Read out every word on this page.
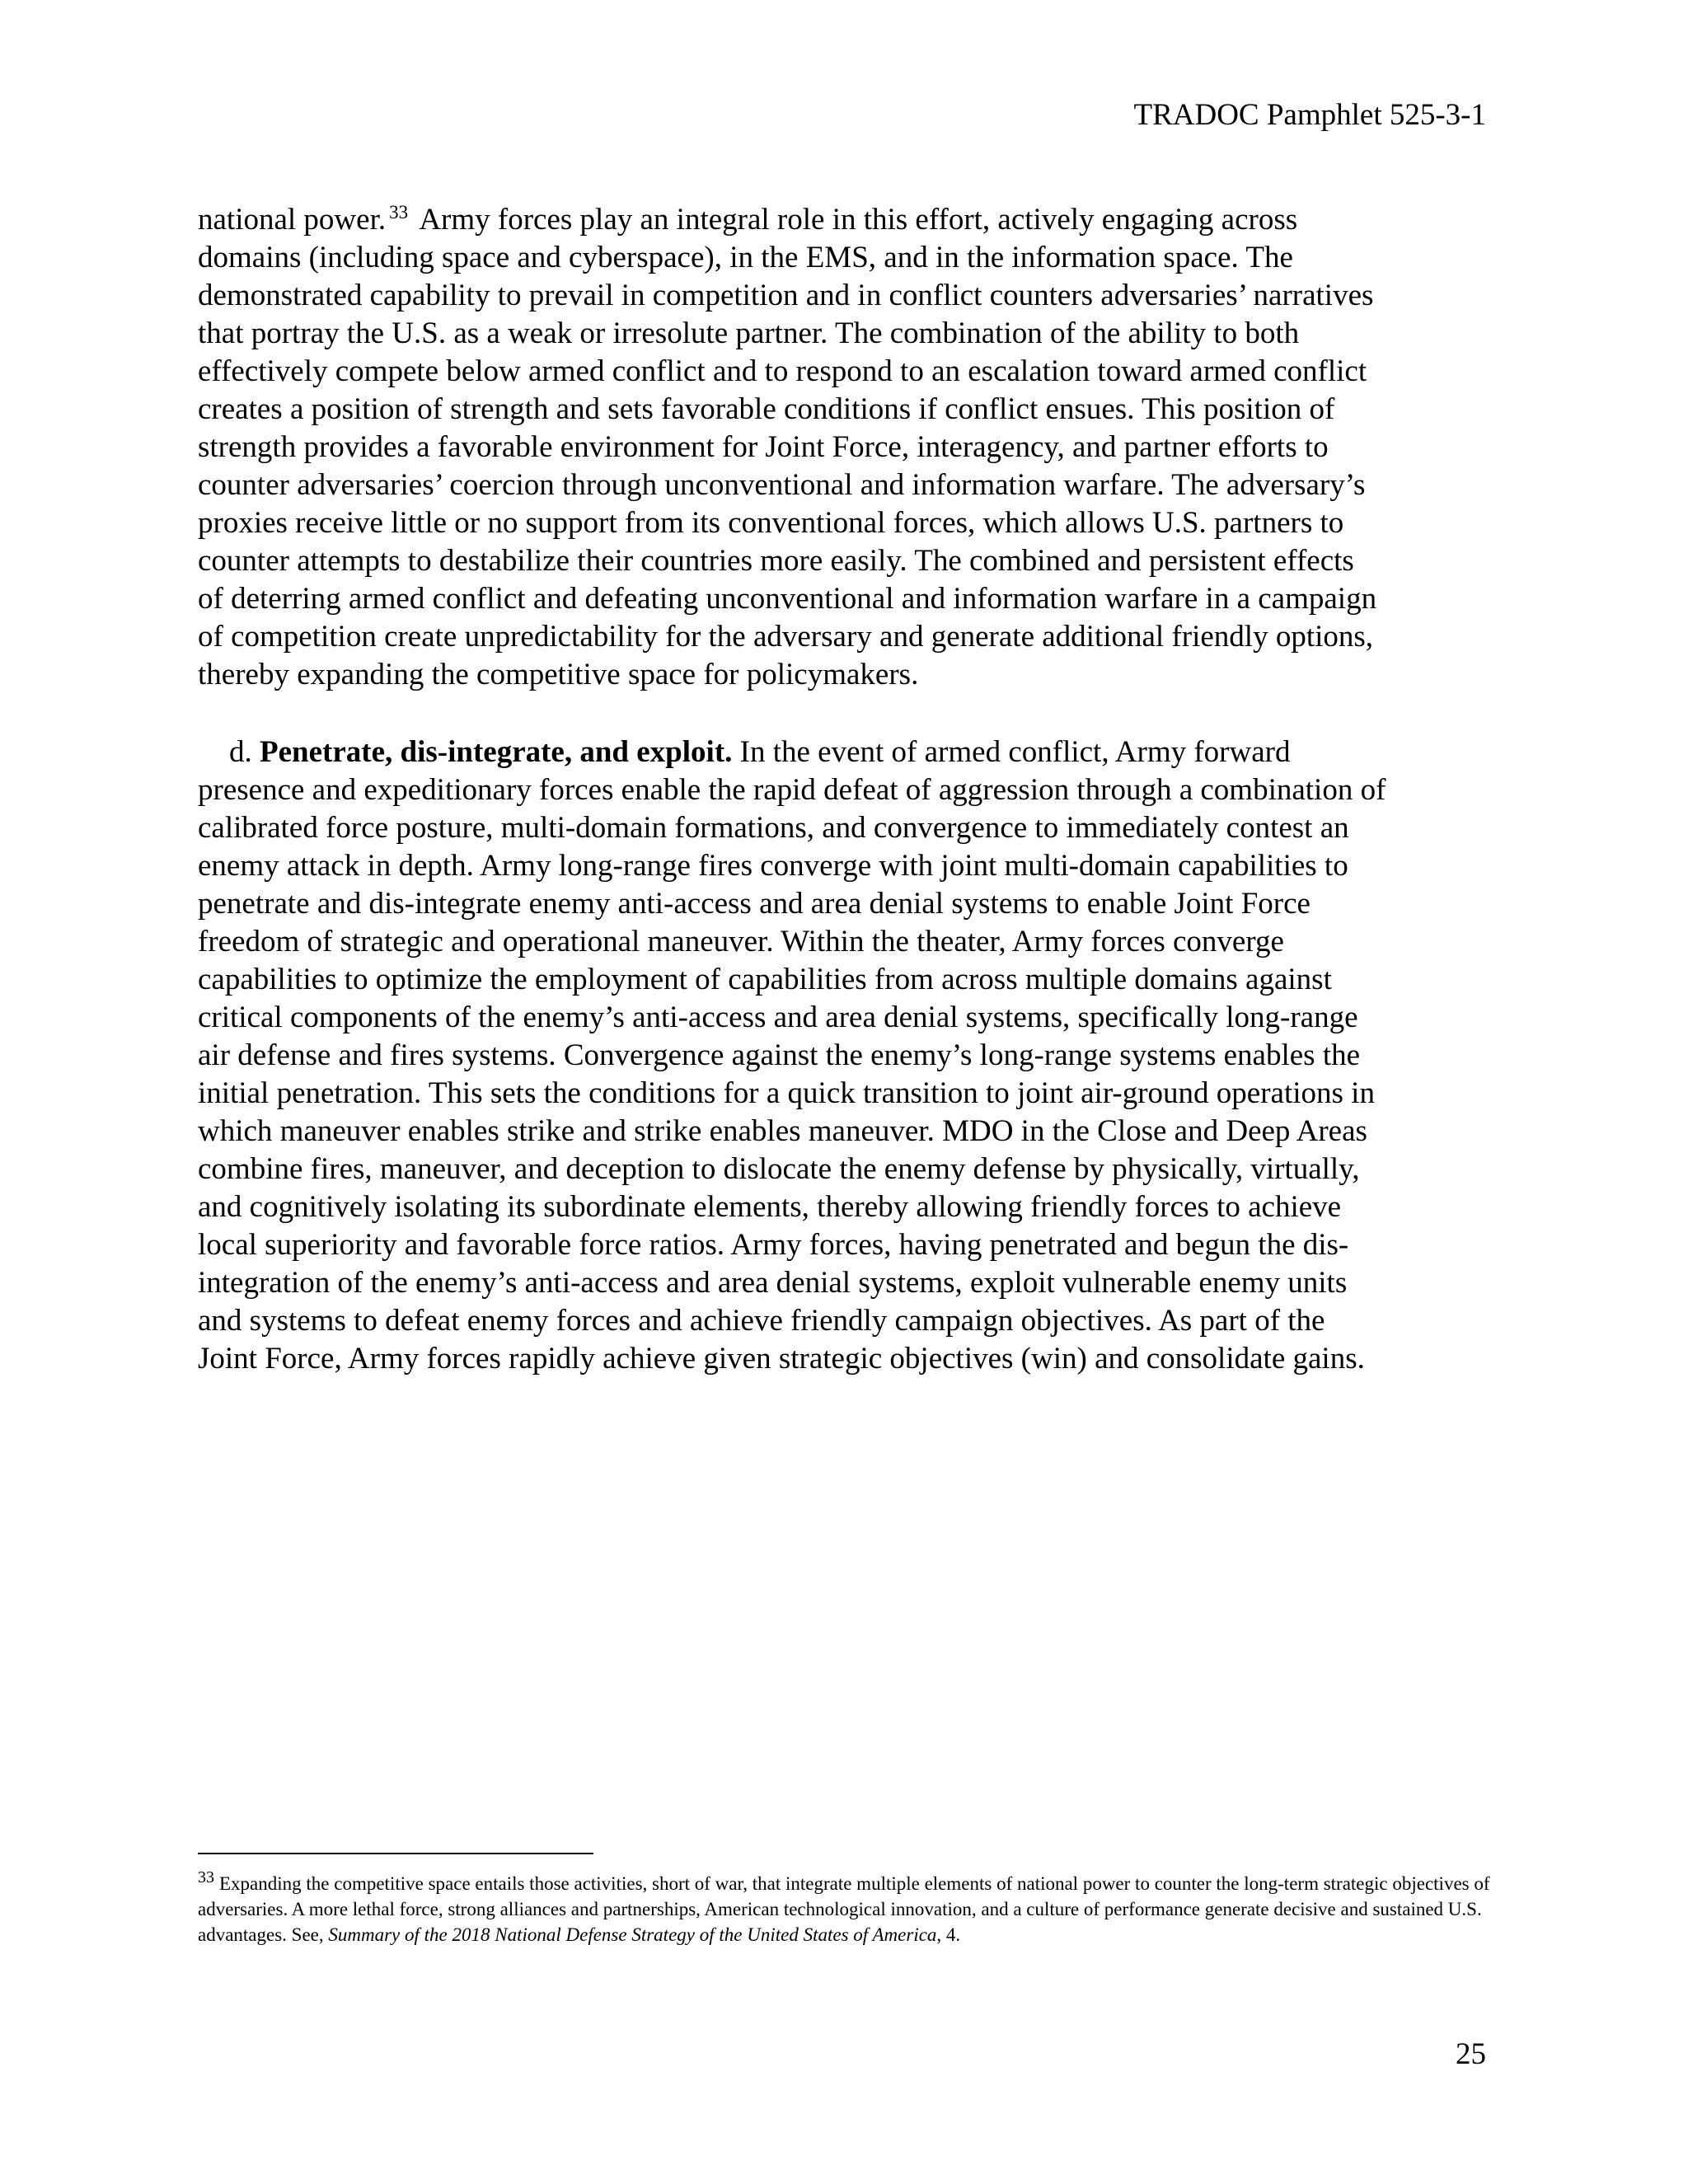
TRADOC Pamphlet 525-3-1
national power. $^{33}$ Army forces play an integral role in this effort, actively engaging across
domains (including space and cyberspace), in the EMS, and in the information space. The
demonstrated capability to prevail in competition and in conflict counters adversaries’ narratives
that portray the U.S. as a weak or irresolute partner. The combination of the ability to both
effectively compete below armed conflict and to respond to an escalation toward armed conflict
creates a position of strength and sets favorable conditions if conflict ensues. This position of
strength provides a favorable environment for Joint Force, interagency, and partner efforts to
counter adversaries’ coercion through unconventional and information warfare. The adversary’s
proxies receive little or no support from its conventional forces, which allows U.S. partners to
counter attempts to destabilize their countries more easily. The combined and persistent effects
of deterring armed conflict and defeating unconventional and information warfare in a campaign
of competition create unpredictability for the adversary and generate additional friendly options,
thereby expanding the competitive space for policymakers.
d. Penetrate, dis-integrate, and exploit. In the event of armed conflict, Army forward
presence and expeditionary forces enable the rapid defeat of aggression through a combination of
calibrated force posture, multi-domain formations, and convergence to immediately contest an
enemy attack in depth. Army long-range fires converge with joint multi-domain capabilities to
penetrate and dis-integrate enemy anti-access and area denial systems to enable Joint Force
freedom of strategic and operational maneuver. Within the theater, Army forces converge
capabilities to optimize the employment of capabilities from across multiple domains against
critical components of the enemy’s anti-access and area denial systems, specifically long-range
air defense and fires systems. Convergence against the enemy’s long-range systems enables the
initial penetration. This sets the conditions for a quick transition to joint air-ground operations in
which maneuver enables strike and strike enables maneuver. MDO in the Close and Deep Areas
combine fires, maneuver, and deception to dislocate the enemy defense by physically, virtually,
and cognitively isolating its subordinate elements, thereby allowing friendly forces to achieve
local superiority and favorable force ratios. Army forces, having penetrated and begun the dis-
integration of the enemy’s anti-access and area denial systems, exploit vulnerable enemy units
and systems to defeat enemy forces and achieve friendly campaign objectives. As part of the
Joint Force, Army forces rapidly achieve given strategic objectives (win) and consolidate gains.
33 Expanding the competitive space entails those activities, short of war, that integrate multiple elements of national power to counter the long-term strategic objectives of adversaries. A more lethal force, strong alliances and partnerships, American technological innovation, and a culture of performance generate decisive and sustained U.S. advantages. See, Summary of the 2018 National Defense Strategy of the United States of America, 4.
25
